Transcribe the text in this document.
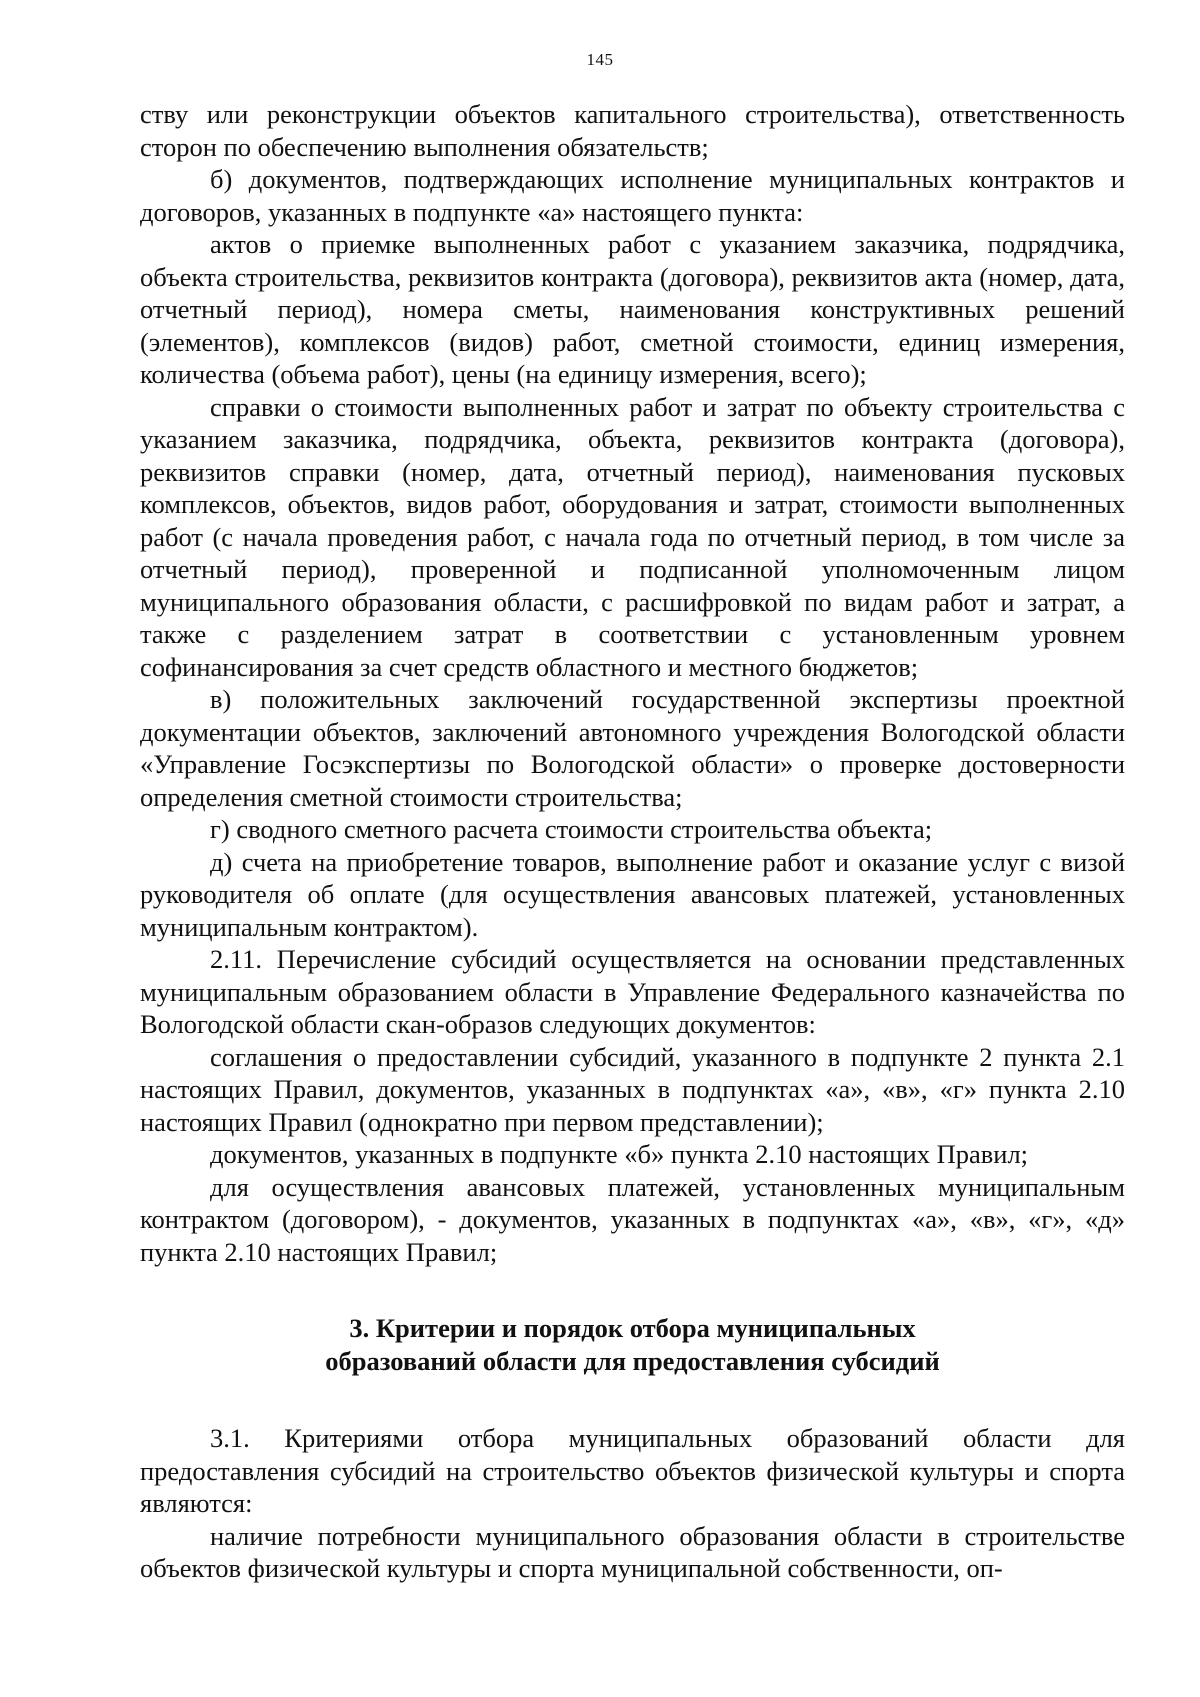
145

ству или реконструкции объектов капитального строительства), ответственность сторон по обеспечению выполнения обязательств;

б) документов, подтверждающих исполнение муниципальных контрактов и договоров, указанных в подпункте «а» настоящего пункта:

актов о приемке выполненных работ с указанием заказчика, подрядчика, объекта строительства, реквизитов контракта (договора), реквизитов акта (номер, дата, отчетный период), номера сметы, наименования конструктивных решений (элементов), комплексов (видов) работ, сметной стоимости, единиц измерения, количества (объема работ), цены (на единицу измерения, всего);

справки о стоимости выполненных работ и затрат по объекту строительства с указанием заказчика, подрядчика, объекта, реквизитов контракта (договора), реквизитов справки (номер, дата, отчетный период), наименования пусковых комплексов, объектов, видов работ, оборудования и затрат, стоимости выполненных работ (с начала проведения работ, с начала года по отчетный период, в том числе за отчетный период), проверенной и подписанной уполномоченным лицом муниципального образования области, с расшифровкой по видам работ и затрат, а также с разделением затрат в соответствии с установленным уровнем софинансирования за счет средств областного и местного бюджетов;

в) положительных заключений государственной экспертизы проектной документации объектов, заключений автономного учреждения Вологодской области «Управление Госэкспертизы по Вологодской области» о проверке достоверности определения сметной стоимости строительства;

г) сводного сметного расчета стоимости строительства объекта;

д) счета на приобретение товаров, выполнение работ и оказание услуг с визой руководителя об оплате (для осуществления авансовых платежей, установленных муниципальным контрактом).

2.11. Перечисление субсидий осуществляется на основании представленных муниципальным образованием области в Управление Федерального казначейства по Вологодской области скан-образов следующих документов:

соглашения о предоставлении субсидий, указанного в подпункте 2 пункта 2.1 настоящих Правил, документов, указанных в подпунктах «а», «в», «г» пункта 2.10 настоящих Правил (однократно при первом представлении);

документов, указанных в подпункте «б» пункта 2.10 настоящих Правил;

для осуществления авансовых платежей, установленных муниципальным контрактом (договором), - документов, указанных в подпунктах «а», «в», «г», «д» пункта 2.10 настоящих Правил;

3. Критерии и порядок отбора муниципальных
образований области для предоставления субсидий

3.1. Критериями отбора муниципальных образований области для предоставления субсидий на строительство объектов физической культуры и спорта являются:

наличие потребности муниципального образования области в строительстве объектов физической культуры и спорта муниципальной собственности, оп-
